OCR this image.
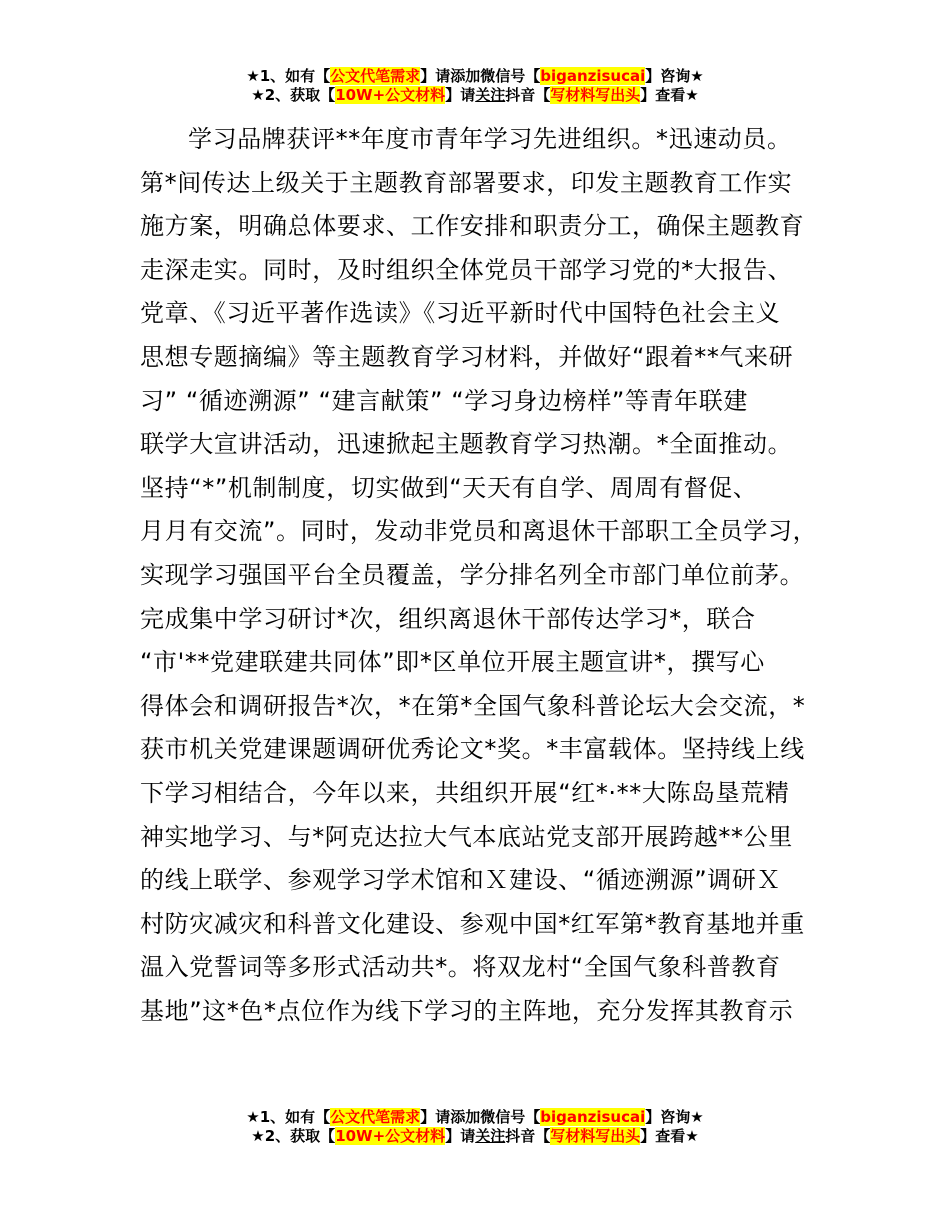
★1、如有【公文代笔需求】请添加微信号【biganzisucai】咨询★
★2、获取【10W+公文材料】请关注抖音【写材料写出头】查看★
学习品牌获评**年度市青年学习先进组织。*迅速动员。
第*间传达上级关于主题教育部署要求，印发主题教育工作实
施方案，明确总体要求、工作安排和职责分工，确保主题教育
走深走实。同时，及时组织全体党员干部学习党的*大报告、
党章、《习近平著作选读》《习近平新时代中国特色社会主义
思想专题摘编》等主题教育学习材料，并做好“跟着**气来研
习” “循迹溯源” “建言献策” “学习身边榜样”等青年联建
联学大宣讲活动，迅速掀起主题教育学习热潮。*全面推动。
坚持“*”机制制度，切实做到“天天有自学、周周有督促、
月月有交流”。同时，发动非党员和离退休干部职工全员学习，
实现学习强国平台全员覆盖，学分排名列全市部门单位前茅。
完成集中学习研讨*次，组织离退休干部传达学习*，联合
“市'**党建联建共同体”即*区单位开展主题宣讲*，撰写心
得体会和调研报告*次，*在第*全国气象科普论坛大会交流，*
获市机关党建课题调研优秀论文*奖。*丰富载体。坚持线上线
下学习相结合，今年以来，共组织开展“红*·**大陈岛垦荒精
神实地学习、与*阿克达拉大气本底站党支部开展跨越**公里
的线上联学、参观学习学术馆和Ｘ建设、“循迹溯源”调研Ｘ
村防灾减灾和科普文化建设、参观中国*红军第*教育基地并重
温入党誓词等多形式活动共*。将双龙村“全国气象科普教育
基地”这*色*点位作为线下学习的主阵地，充分发挥其教育示
★1、如有【公文代笔需求】请添加微信号【biganzisucai】咨询★
★2、获取【10W+公文材料】请关注抖音【写材料写出头】查看★
